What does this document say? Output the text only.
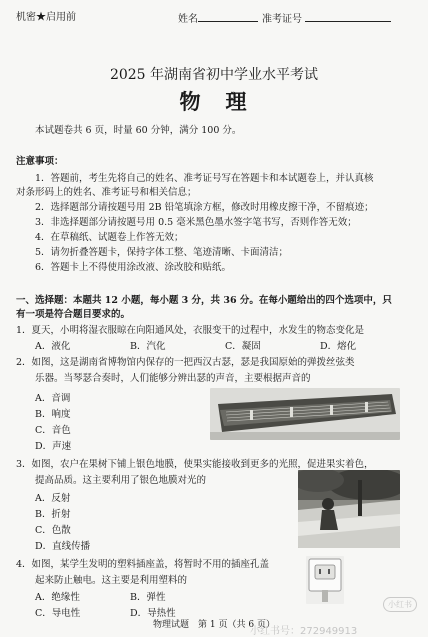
机密★启用前	姓名	准考证号
2025 年湖南省初中学业水平考试
物　理
本试题卷共 6 页，时量 60 分钟，满分 100 分。
注意事项：
1．答题前，考生先将自己的姓名、准考证号写在答题卡和本试题卷上，并认真核
对条形码上的姓名、准考证号和相关信息；
2．选择题部分请按题号用 2B 铅笔填涂方框，修改时用橡皮擦干净，不留痕迹；
3．非选择题部分请按题号用 0.5 毫米黑色墨水签字笔书写，否则作答无效；
4．在草稿纸、试题卷上作答无效；
5．请勿折叠答题卡，保持字体工整、笔迹清晰、卡面清洁；
6．答题卡上不得使用涂改液、涂改胶和贴纸。
一、选择题：本题共 12 小题，每小题 3 分，共 36 分。在每小题给出的四个选项中，只
有一项是符合题目要求的。
1．夏天，小明将湿衣服晾在向阳通风处，衣服变干的过程中，水发生的物态变化是
A．液化	B．汽化	C．凝固	D．熔化
2．如图，这是湖南省博物馆内保存的一把西汉古瑟，瑟是我国原始的弹拨丝弦类
乐器。当琴瑟合奏时，人们能够分辨出瑟的声音，主要根据声音的
A．音调
B．响度
C．音色
D．声速
3．如图，农户在果树下铺上银色地膜，使果实能接收到更多的光照，促进果实着色，
提高品质。这主要利用了银色地膜对光的
A．反射
B．折射
C．色散
D．直线传播
4．如图，某学生发明的塑料插座盖，将暂时不用的插座孔盖
起来防止触电。这主要是利用塑料的
A．绝缘性	B．弹性
C．导电性	D．导热性
物理试题　第 1 页（共 6 页）
小红书号：272949913
小红书
